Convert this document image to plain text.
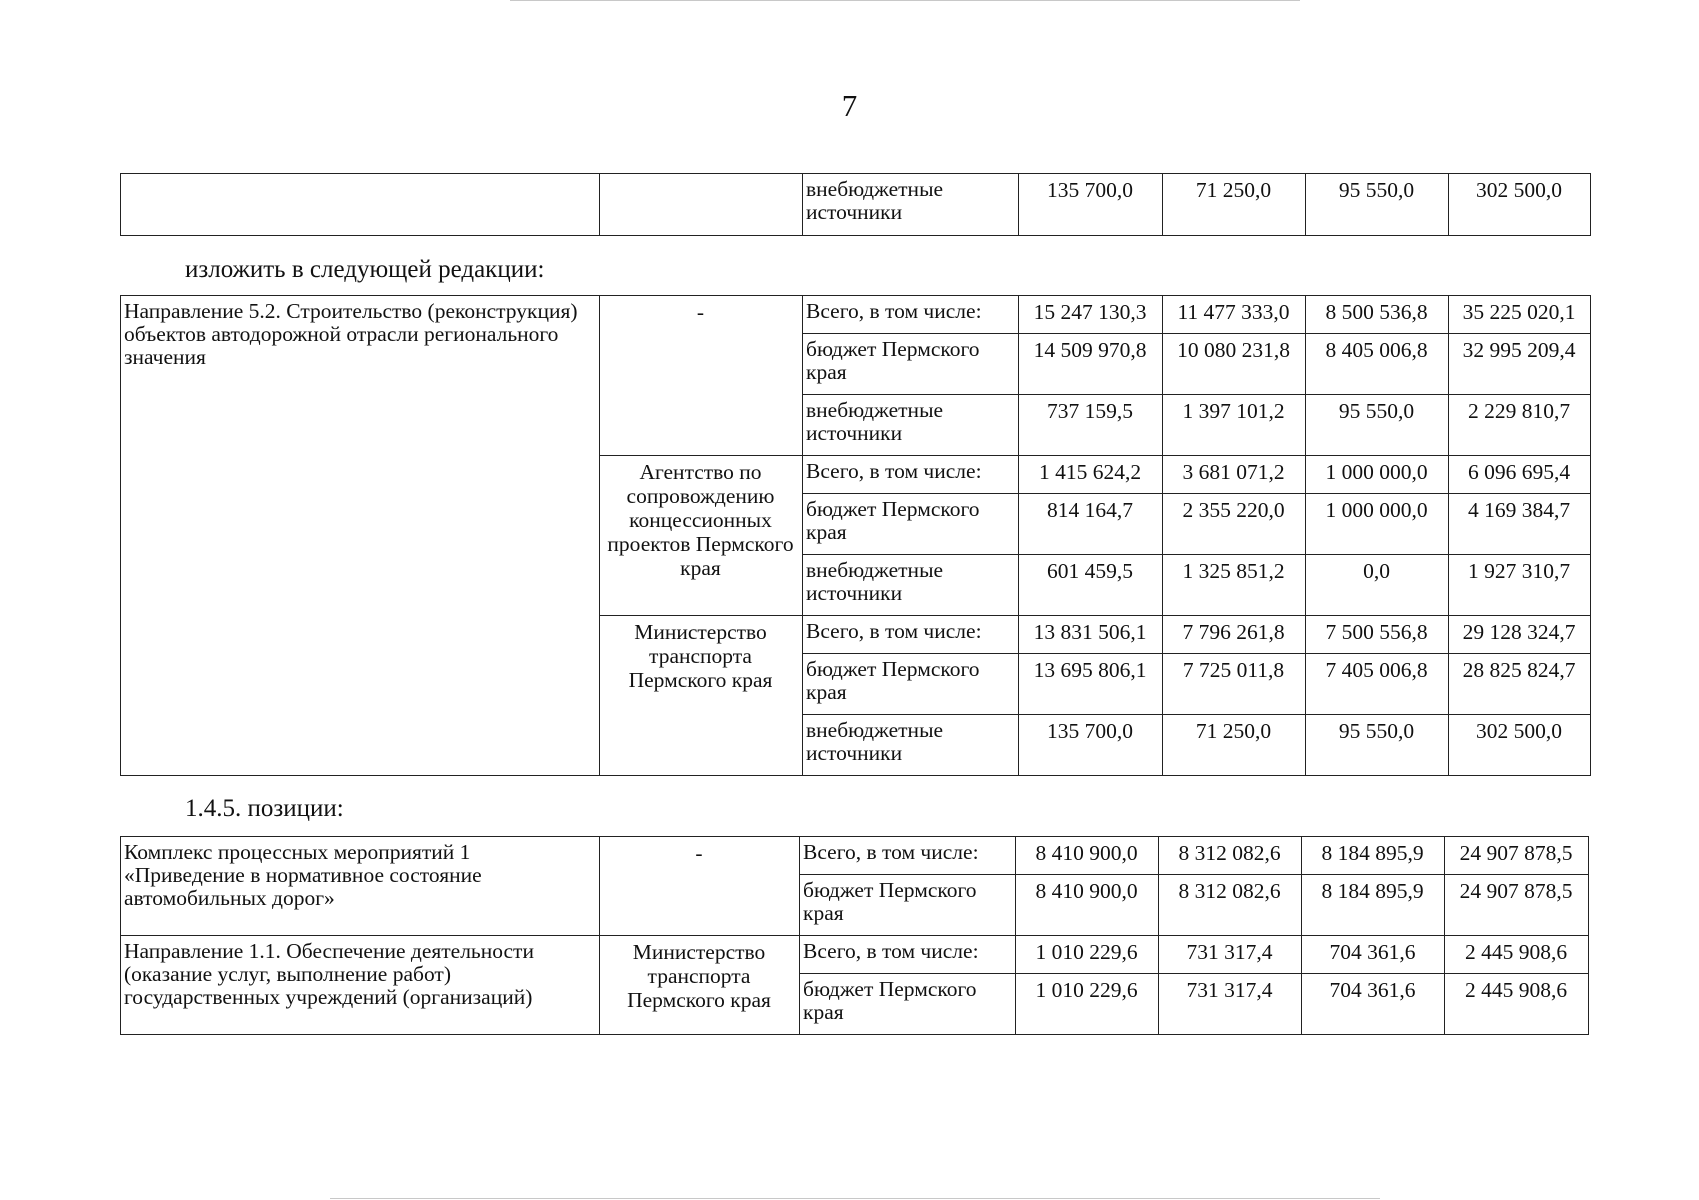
7
		внебюджетные источники	135 700,0	71 250,0	95 550,0	302 500,0
изложить в следующей редакции:
Направление 5.2. Строительство (реконструкция) объектов автодорожной отрасли регионального значения	-	Всего, в том числе:	15 247 130,3	11 477 333,0	8 500 536,8	35 225 020,1
		бюджет Пермского края	14 509 970,8	10 080 231,8	8 405 006,8	32 995 209,4
		внебюджетные источники	737 159,5	1 397 101,2	95 550,0	2 229 810,7
	Агентство по сопровождению концессионных проектов Пермского края	Всего, в том числе:	1 415 624,2	3 681 071,2	1 000 000,0	6 096 695,4
		бюджет Пермского края	814 164,7	2 355 220,0	1 000 000,0	4 169 384,7
		внебюджетные источники	601 459,5	1 325 851,2	0,0	1 927 310,7
	Министерство транспорта Пермского края	Всего, в том числе:	13 831 506,1	7 796 261,8	7 500 556,8	29 128 324,7
		бюджет Пермского края	13 695 806,1	7 725 011,8	7 405 006,8	28 825 824,7
		внебюджетные источники	135 700,0	71 250,0	95 550,0	302 500,0
1.4.5. позиции:
Комплекс процессных мероприятий 1 «Приведение в нормативное состояние автомобильных дорог»	-	Всего, в том числе:	8 410 900,0	8 312 082,6	8 184 895,9	24 907 878,5
		бюджет Пермского края	8 410 900,0	8 312 082,6	8 184 895,9	24 907 878,5
Направление 1.1. Обеспечение деятельности (оказание услуг, выполнение работ) государственных учреждений (организаций)	Министерство транспорта Пермского края	Всего, в том числе:	1 010 229,6	731 317,4	704 361,6	2 445 908,6
		бюджет Пермского края	1 010 229,6	731 317,4	704 361,6	2 445 908,6
